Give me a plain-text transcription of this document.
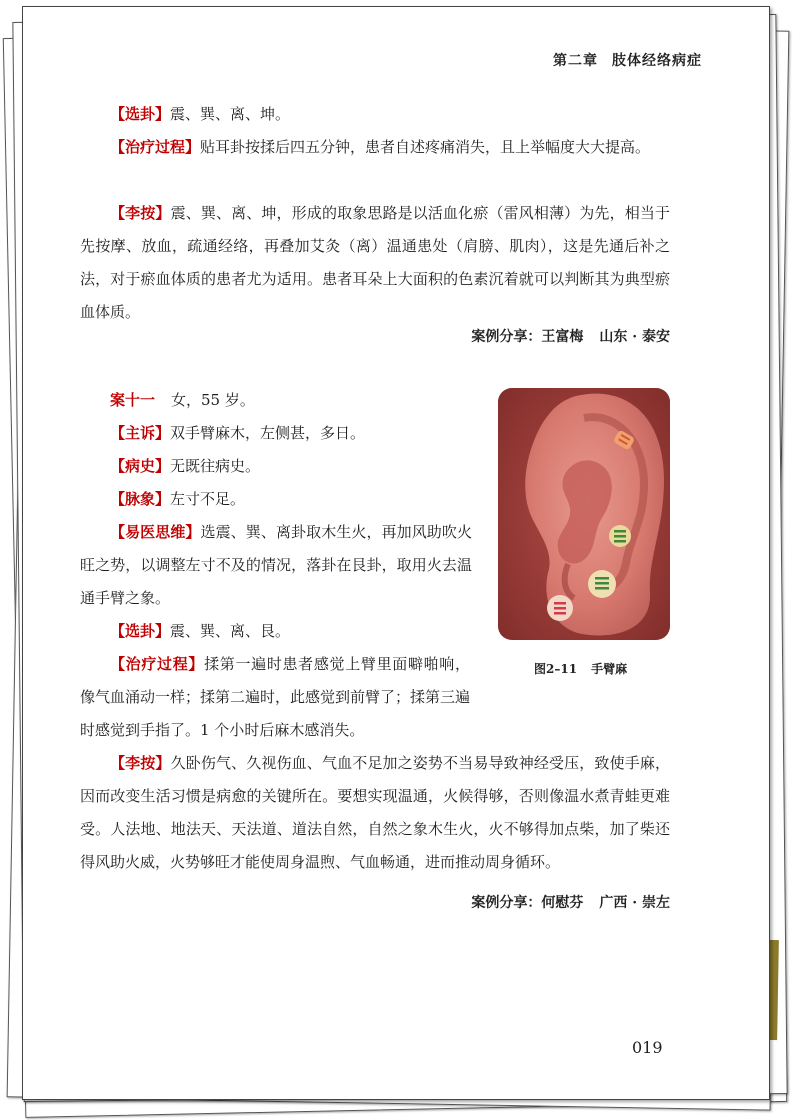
第二章 肢体经络病症

【选卦】震、巽、离、坤。

【治疗过程】贴耳卦按揉后四五分钟，患者自述疼痛消失，且上举幅度大大提高。

【李按】震、巽、离、坤，形成的取象思路是以活血化瘀（雷风相薄）为先，相当于先按摩、放血，疏通经络，再叠加艾灸（离）温通患处（肩膀、肌肉），这是先通后补之法，对于瘀血体质的患者尤为适用。患者耳朵上大面积的色素沉着就可以判断其为典型瘀血体质。

案例分享：王富梅 山东 · 泰安

案十一 女，55 岁。

【主诉】双手臂麻木，左侧甚，多日。

【病史】无既往病史。

【脉象】左寸不足。

【易医思维】选震、巽、离卦取木生火，再加风助吹火旺之势，以调整左寸不及的情况，落卦在艮卦，取用火去温通手臂之象。

【选卦】震、巽、离、艮。

【治疗过程】揉第一遍时患者感觉上臂里面噼啪响，像气血涌动一样；揉第二遍时，此感觉到前臂了；揉第三遍时感觉到手指了。1 个小时后麻木感消失。

【李按】久卧伤气、久视伤血、气血不足加之姿势不当易导致神经受压，致使手麻，因而改变生活习惯是病愈的关键所在。要想实现温通，火候得够，否则像温水煮青蛙更难受。人法地、地法天、天法道、道法自然，自然之象木生火，火不够得加点柴，加了柴还得风助火威，火势够旺才能使周身温煦、气血畅通，进而推动周身循环。

案例分享：何慰芬 广西 · 崇左
图2–11 手臂麻
019
